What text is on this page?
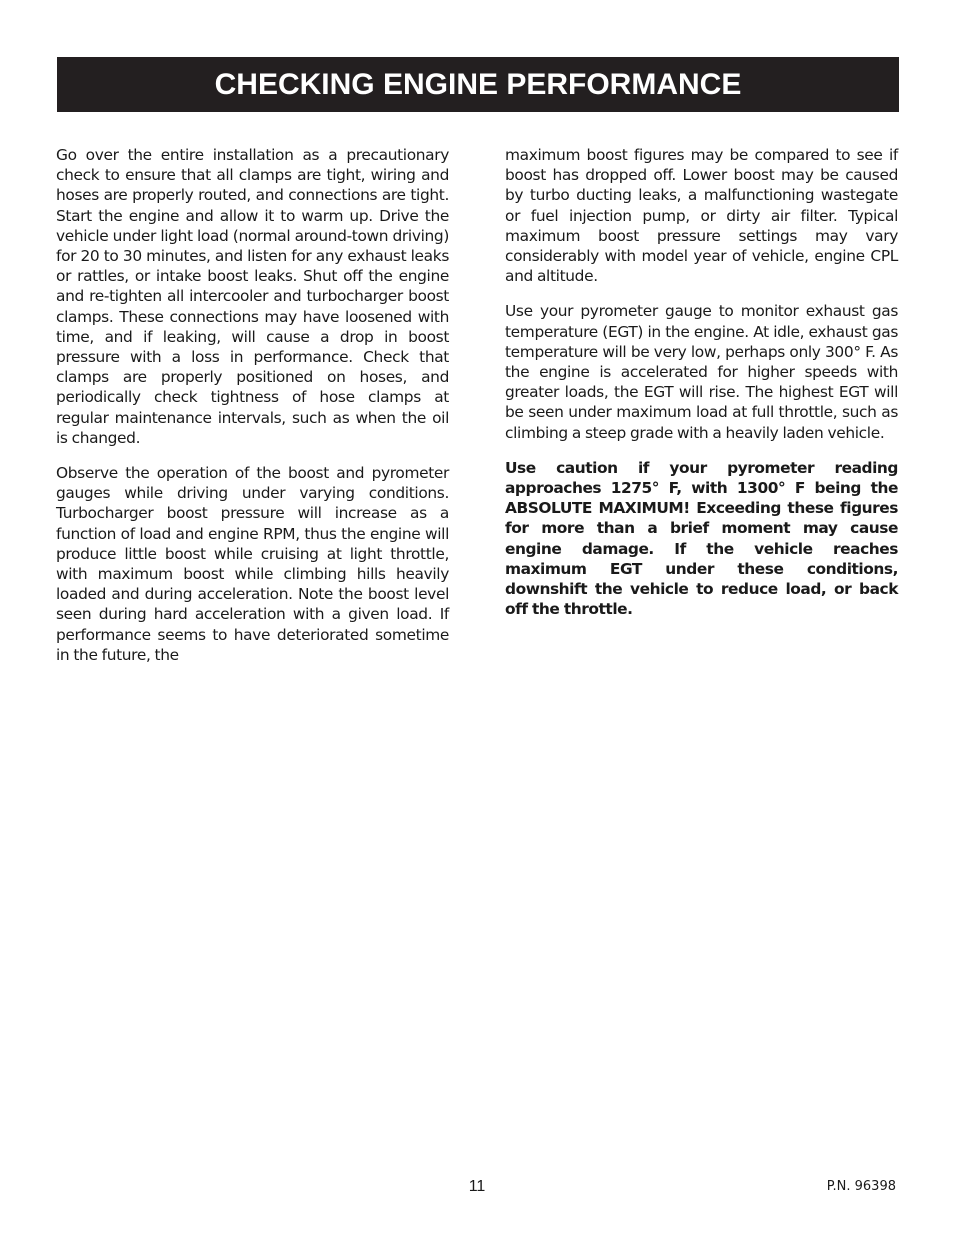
CHECKING ENGINE PERFORMANCE

Go over the entire installation as a precautionary check to ensure that all clamps are tight, wiring and hoses are properly routed, and connections are tight. Start the engine and allow it to warm up. Drive the vehicle under light load (normal around-town driving) for 20 to 30 minutes, and listen for any exhaust leaks or rattles, or intake boost leaks. Shut off the engine and re-tighten all intercooler and turbocharger boost clamps. These connections may have loosened with time, and if leaking, will cause a drop in boost pressure with a loss in performance. Check that clamps are properly positioned on hoses, and periodically check tightness of hose clamps at regular maintenance intervals, such as when the oil is changed.

Observe the operation of the boost and pyrometer gauges while driving under varying conditions. Turbocharger boost pressure will increase as a function of load and engine RPM, thus the engine will produce little boost while cruising at light throttle, with maximum boost while climbing hills heavily loaded and during acceleration. Note the boost level seen during hard acceleration with a given load. If performance seems to have deteriorated sometime in the future, the

maximum boost figures may be compared to see if boost has dropped off. Lower boost may be caused by turbo ducting leaks, a malfunctioning wastegate or fuel injection pump, or dirty air filter. Typical maximum boost pressure settings may vary considerably with model year of vehicle, engine CPL and altitude.

Use your pyrometer gauge to monitor exhaust gas temperature (EGT) in the engine. At idle, exhaust gas temperature will be very low, perhaps only 300° F. As the engine is accelerated for higher speeds with greater loads, the EGT will rise. The highest EGT will be seen under maximum load at full throttle, such as climbing a steep grade with a heavily laden vehicle.

Use caution if your pyrometer reading approaches 1275° F, with 1300° F being the ABSOLUTE MAXIMUM! Exceeding these figures for more than a brief moment may cause engine damage. If the vehicle reaches maximum EGT under these conditions, downshift the vehicle to reduce load, or back off the throttle.

11	P.N. 96398
